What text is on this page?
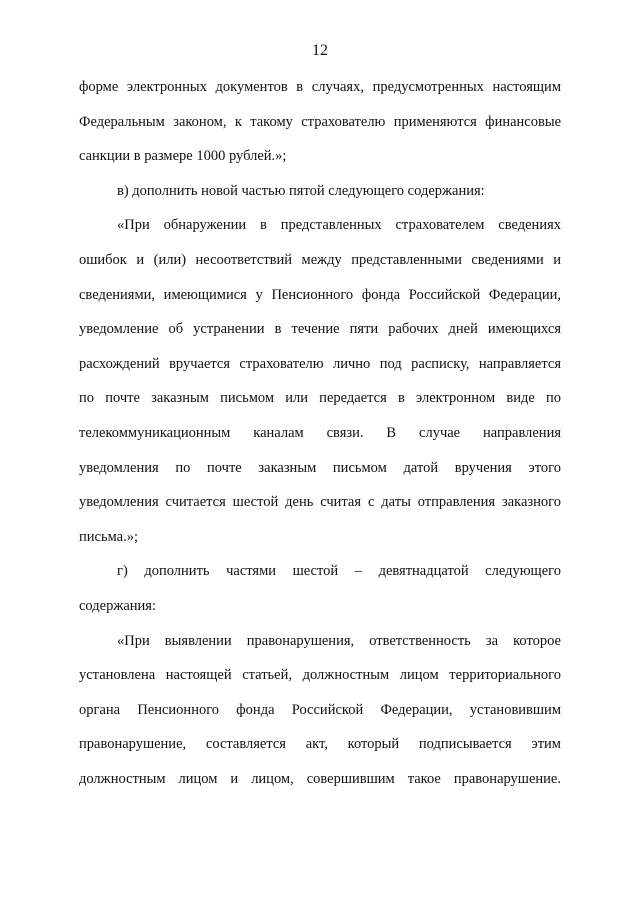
12
форме электронных документов в случаях, предусмотренных настоящим
Федеральным законом, к такому страхователю применяются финансовые
санкции в размере 1000 рублей.»;
в) дополнить новой частью пятой следующего содержания:
«При обнаружении в представленных страхователем сведениях
ошибок и (или) несоответствий между представленными сведениями и
сведениями, имеющимися у Пенсионного фонда Российской Федерации,
уведомление об устранении в течение пяти рабочих дней имеющихся
расхождений вручается страхователю лично под расписку, направляется
по почте заказным письмом или передается в электронном виде по
телекоммуникационным каналам связи. В случае направления
уведомления по почте заказным письмом датой вручения этого
уведомления считается шестой день считая с даты отправления заказного
письма.»;
г) дополнить частями шестой – девятнадцатой следующего
содержания:
«При выявлении правонарушения, ответственность за которое
установлена настоящей статьей, должностным лицом территориального
органа Пенсионного фонда Российской Федерации, установившим
правонарушение, составляется акт, который подписывается этим
должностным лицом и лицом, совершившим такое правонарушение.
